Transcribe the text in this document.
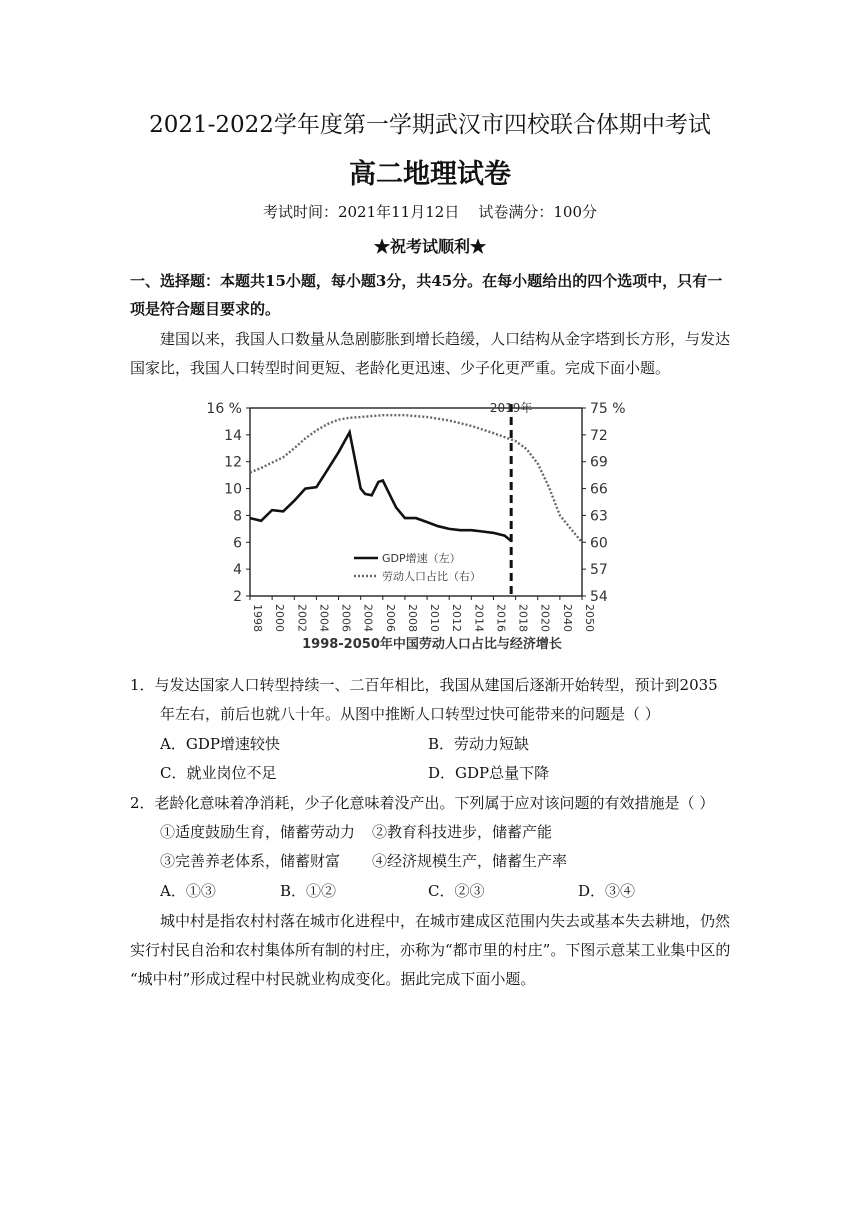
2021-2022学年度第一学期武汉市四校联合体期中考试
高二地理试卷
考试时间：2021年11月12日    试卷满分：100分
★祝考试顺利★
一、选择题：本题共15小题，每小题3分，共45分。在每小题给出的四个选项中，只有一
项是符合题目要求的。
建国以来，我国人口数量从急剧膨胀到增长趋缓，人口结构从金字塔到长方形，与发达
国家比，我国人口转型时间更短、老龄化更迅速、少子化更严重。完成下面小题。
2
4
6
8
10
12
14
16 %
54
57
60
63
66
69
72
75 %
1998 2000 2002 2004 2006 2004 2006 2008 2010 2012 2014 2016 2018 2020 2040 2050
2019年
GDP增速（左）
劳动人口占比（右）
1998-2050年中国劳动人口占比与经济增长
1．与发达国家人口转型持续一、二百年相比，我国从建国后逐渐开始转型，预计到2035
年左右，前后也就八十年。从图中推断人口转型过快可能带来的问题是（ ）
A．GDP增速较快	B．劳动力短缺
C．就业岗位不足	D．GDP总量下降
2．老龄化意味着净消耗，少子化意味着没产出。下列属于应对该问题的有效措施是（ ）
①适度鼓励生育，储蓄劳动力 ②教育科技进步，储蓄产能
③完善养老体系，储蓄财富 ④经济规模生产，储蓄生产率
A．①③	B．①②	C．②③	D．③④
城中村是指农村村落在城市化进程中，在城市建成区范围内失去或基本失去耕地，仍然
实行村民自治和农村集体所有制的村庄，亦称为“都市里的村庄”。下图示意某工业集中区的
“城中村”形成过程中村民就业构成变化。据此完成下面小题。
